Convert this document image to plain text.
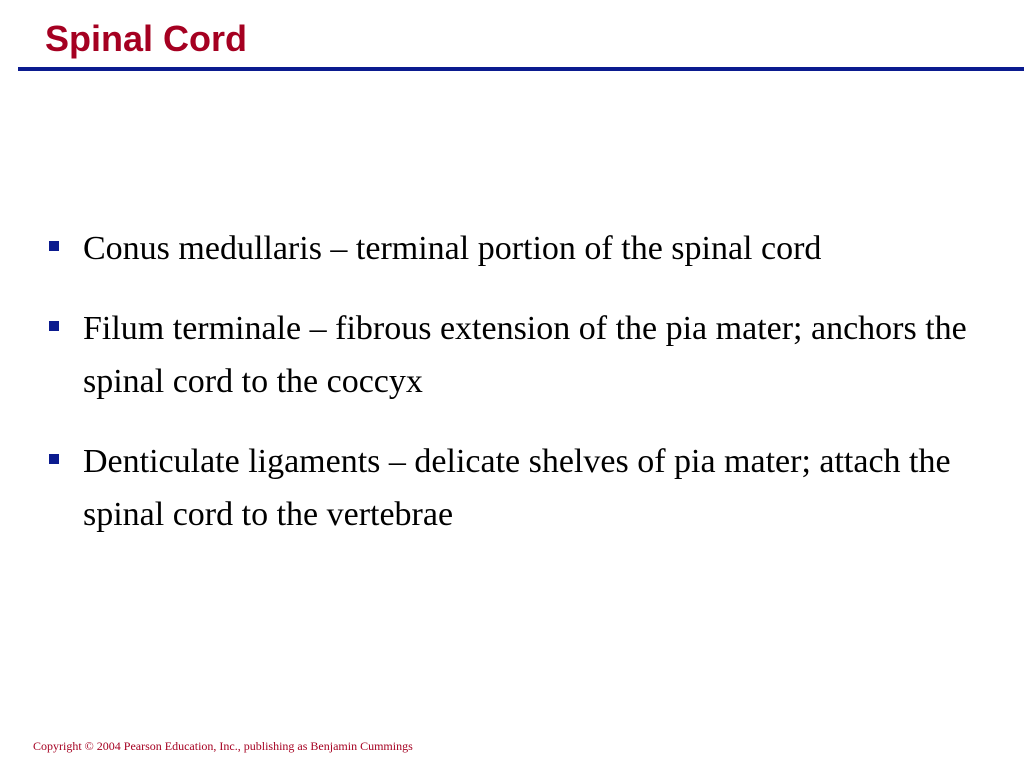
Spinal Cord
Conus medullaris – terminal portion of the spinal cord
Filum terminale – fibrous extension of the pia mater; anchors the spinal cord to the coccyx
Denticulate ligaments – delicate shelves of pia mater; attach the spinal cord to the vertebrae
Copyright © 2004 Pearson Education, Inc., publishing as Benjamin Cummings
